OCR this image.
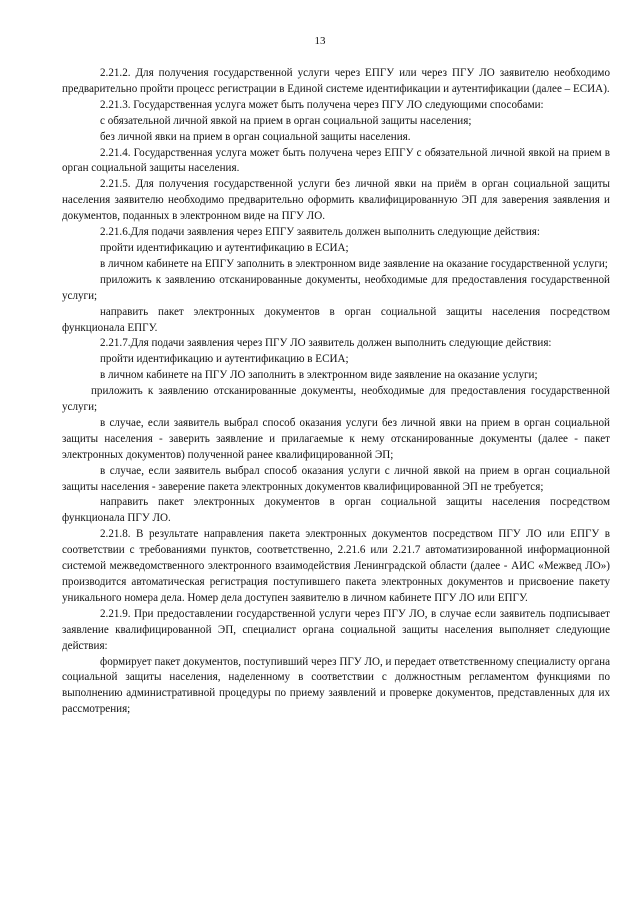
13

2.21.2. Для получения государственной услуги через ЕПГУ или через ПГУ ЛО заявителю необходимо предварительно пройти процесс регистрации в Единой системе идентификации и аутентификации (далее – ЕСИА).

2.21.3. Государственная услуга может быть получена через ПГУ ЛО следующими способами:

с обязательной личной явкой на прием в орган социальной защиты населения;

без личной явки на прием в орган социальной защиты населения.

2.21.4. Государственная услуга может быть получена через ЕПГУ с обязательной личной явкой на прием в орган социальной защиты населения.

2.21.5. Для получения государственной услуги без личной явки на приём в орган социальной защиты населения заявителю необходимо предварительно оформить квалифицированную ЭП для заверения заявления и документов, поданных в электронном виде на ПГУ ЛО.

2.21.6.Для подачи заявления через ЕПГУ заявитель должен выполнить следующие действия:

пройти идентификацию и аутентификацию в ЕСИА;

в личном кабинете на ЕПГУ заполнить в электронном виде заявление на оказание государственной услуги;

приложить к заявлению отсканированные документы, необходимые для предоставления государственной услуги;

направить пакет электронных документов в орган социальной защиты населения посредством функционала ЕПГУ.

2.21.7.Для подачи заявления через ПГУ ЛО заявитель должен выполнить следующие действия:

пройти идентификацию и аутентификацию в ЕСИА;

в личном кабинете на ПГУ ЛО заполнить в электронном виде заявление на оказание услуги;

приложить к заявлению отсканированные документы, необходимые для предоставления государственной услуги;

в случае, если заявитель выбрал способ оказания услуги без личной явки на прием в орган социальной защиты населения - заверить заявление и прилагаемые к нему отсканированные документы (далее - пакет электронных документов) полученной ранее квалифицированной ЭП;

в случае, если заявитель выбрал способ оказания услуги с личной явкой на прием в орган социальной защиты населения - заверение пакета электронных документов квалифицированной ЭП не требуется;

направить пакет электронных документов в орган социальной защиты населения посредством функционала ПГУ ЛО.

2.21.8. В результате направления пакета электронных документов посредством ПГУ ЛО или ЕПГУ в соответствии с требованиями пунктов, соответственно, 2.21.6 или 2.21.7 автоматизированной информационной системой межведомственного электронного взаимодействия Ленинградской области (далее - АИС «Межвед ЛО») производится автоматическая регистрация поступившего пакета электронных документов и присвоение пакету уникального номера дела. Номер дела доступен заявителю в личном кабинете ПГУ ЛО или ЕПГУ.

2.21.9. При предоставлении государственной услуги через ПГУ ЛО, в случае если заявитель подписывает заявление квалифицированной ЭП, специалист органа социальной защиты населения выполняет следующие действия:

формирует пакет документов, поступивший через ПГУ ЛО, и передает ответственному специалисту органа социальной защиты населения, наделенному в соответствии с должностным регламентом функциями по выполнению административной процедуры по приему заявлений и проверке документов, представленных для их рассмотрения;
